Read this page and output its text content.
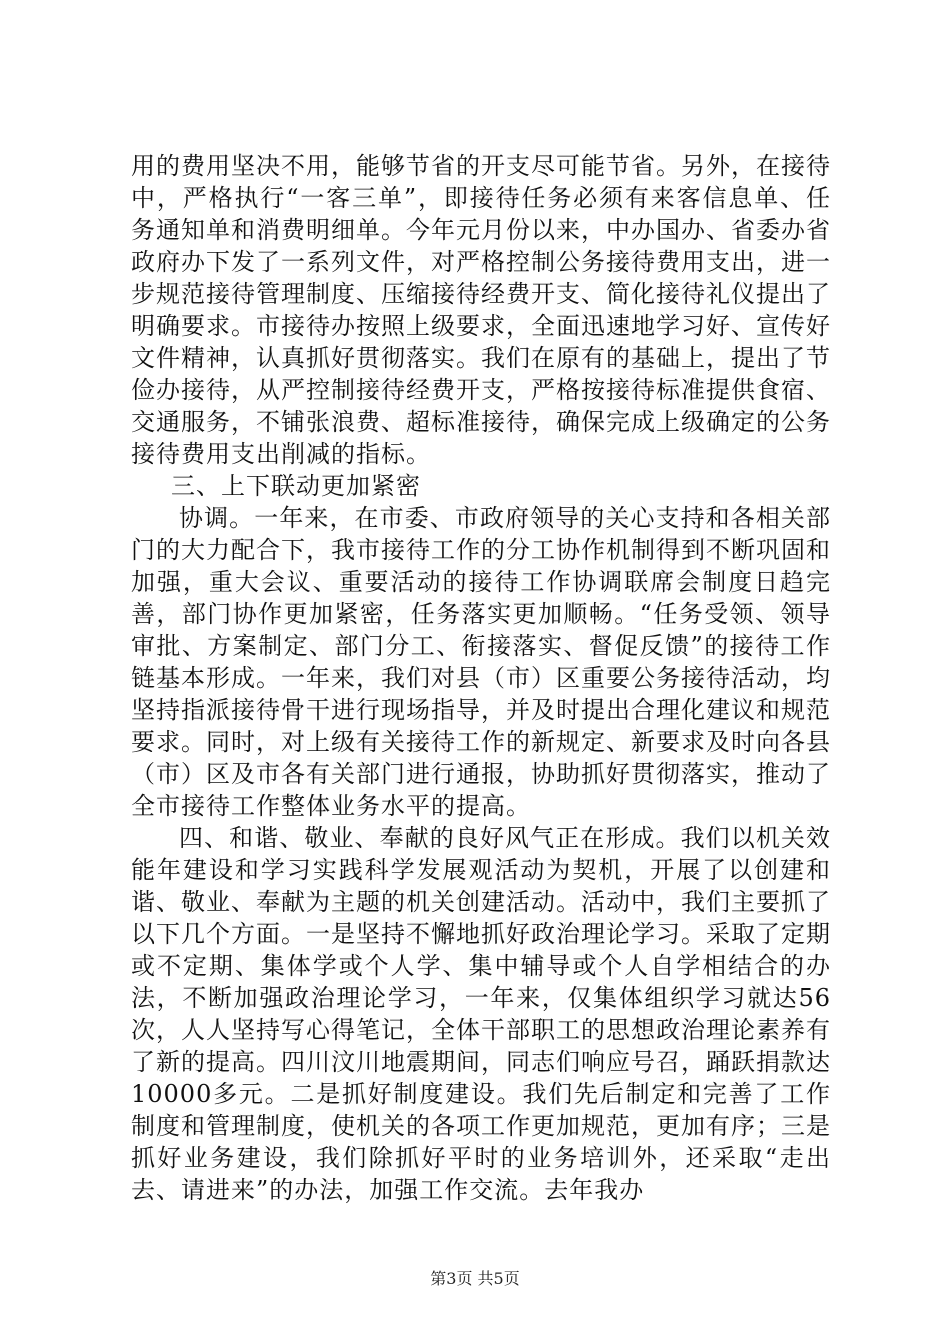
用的费用坚决不用，能够节省的开支尽可能节省。另外，在接待中，严格执行“一客三单”，即接待任务必须有来客信息单、任务通知单和消费明细单。今年元月份以来，中办国办、省委办省政府办下发了一系列文件，对严格控制公务接待费用支出，进一步规范接待管理制度、压缩接待经费开支、简化接待礼仪提出了明确要求。市接待办按照上级要求，全面迅速地学习好、宣传好文件精神，认真抓好贯彻落实。我们在原有的基础上，提出了节俭办接待，从严控制接待经费开支，严格按接待标准提供食宿、交通服务，不铺张浪费、超标准接待，确保完成上级确定的公务接待费用支出削减的指标。

三、上下联动更加紧密

协调。一年来，在市委、市政府领导的关心支持和各相关部门的大力配合下，我市接待工作的分工协作机制得到不断巩固和加强，重大会议、重要活动的接待工作协调联席会制度日趋完善，部门协作更加紧密，任务落实更加顺畅。“任务受领、领导审批、方案制定、部门分工、衔接落实、督促反馈”的接待工作链基本形成。一年来，我们对县（市）区重要公务接待活动，均坚持指派接待骨干进行现场指导，并及时提出合理化建议和规范要求。同时，对上级有关接待工作的新规定、新要求及时向各县（市）区及市各有关部门进行通报，协助抓好贯彻落实，推动了全市接待工作整体业务水平的提高。

四、和谐、敬业、奉献的良好风气正在形成。我们以机关效能年建设和学习实践科学发展观活动为契机，开展了以创建和谐、敬业、奉献为主题的机关创建活动。活动中，我们主要抓了以下几个方面。一是坚持不懈地抓好政治理论学习。采取了定期或不定期、集体学或个人学、集中辅导或个人自学相结合的办法，不断加强政治理论学习，一年来，仅集体组织学习就达56次，人人坚持写心得笔记，全体干部职工的思想政治理论素养有了新的提高。四川汶川地震期间，同志们响应号召，踊跃捐款达10000多元。二是抓好制度建设。我们先后制定和完善了工作制度和管理制度，使机关的各项工作更加规范，更加有序；三是抓好业务建设，我们除抓好平时的业务培训外，还采取“走出去、请进来”的办法，加强工作交流。去年我办

第3页 共5页
